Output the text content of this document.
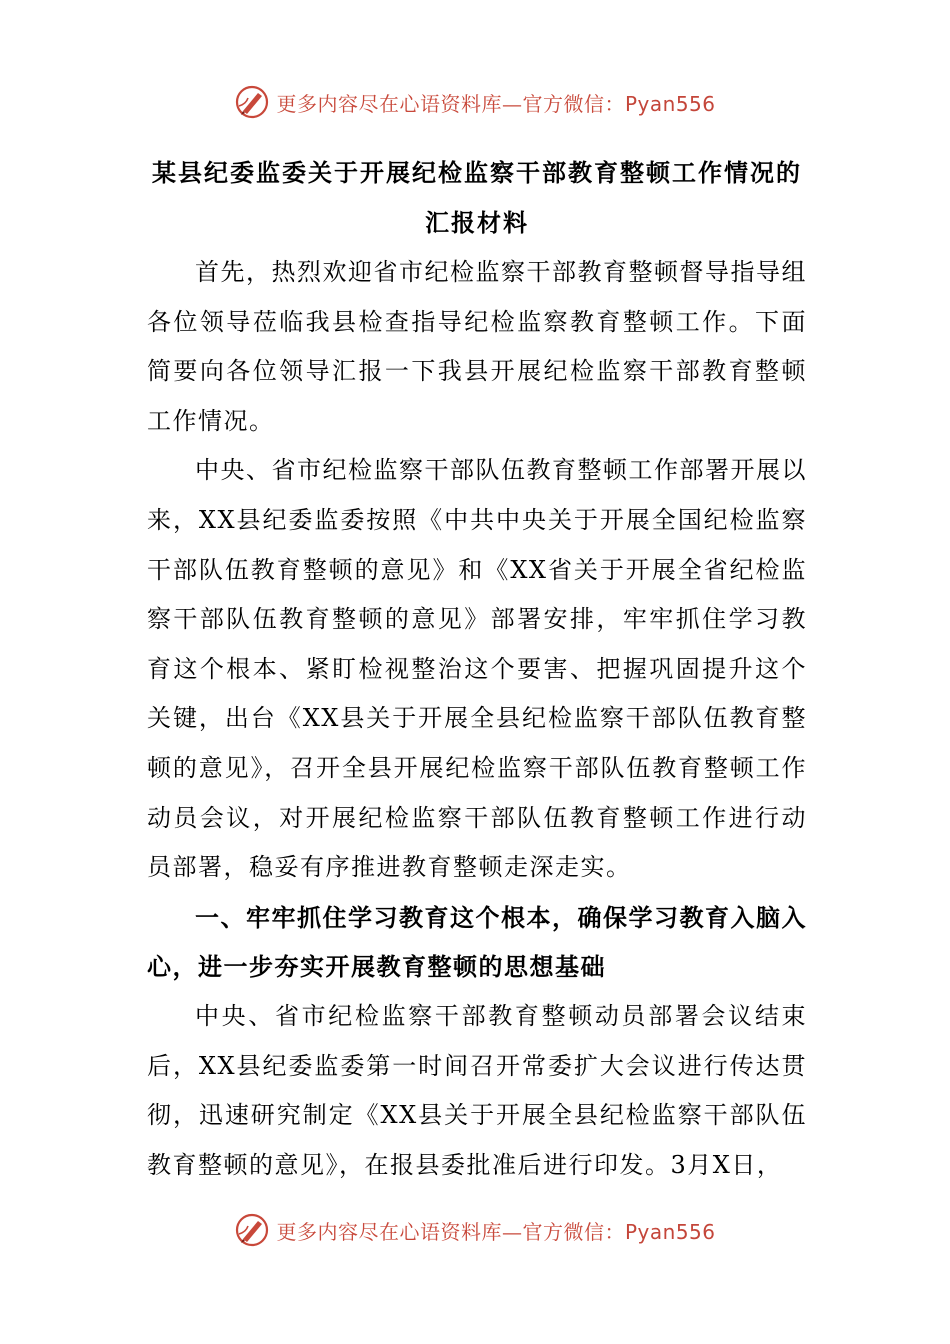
更多内容尽在心语资料库—官方微信：Pyan556
某县纪委监委关于开展纪检监察干部教育整顿工作情况的
汇报材料

首先，热烈欢迎省市纪检监察干部教育整顿督导指导组各位领导莅临我县检查指导纪检监察教育整顿工作。下面简要向各位领导汇报一下我县开展纪检监察干部教育整顿工作情况。

中央、省市纪检监察干部队伍教育整顿工作部署开展以来，XX县纪委监委按照《中共中央关于开展全国纪检监察干部队伍教育整顿的意见》和《XX省关于开展全省纪检监察干部队伍教育整顿的意见》部署安排，牢牢抓住学习教育这个根本、紧盯检视整治这个要害、把握巩固提升这个关键，出台《XX县关于开展全县纪检监察干部队伍教育整顿的意见》，召开全县开展纪检监察干部队伍教育整顿工作动员会议，对开展纪检监察干部队伍教育整顿工作进行动员部署，稳妥有序推进教育整顿走深走实。

一、牢牢抓住学习教育这个根本，确保学习教育入脑入心，进一步夯实开展教育整顿的思想基础

中央、省市纪检监察干部教育整顿动员部署会议结束后，XX县纪委监委第一时间召开常委扩大会议进行传达贯彻，迅速研究制定《XX县关于开展全县纪检监察干部队伍教育整顿的意见》，在报县委批准后进行印发。3月X日，

更多内容尽在心语资料库—官方微信：Pyan556
